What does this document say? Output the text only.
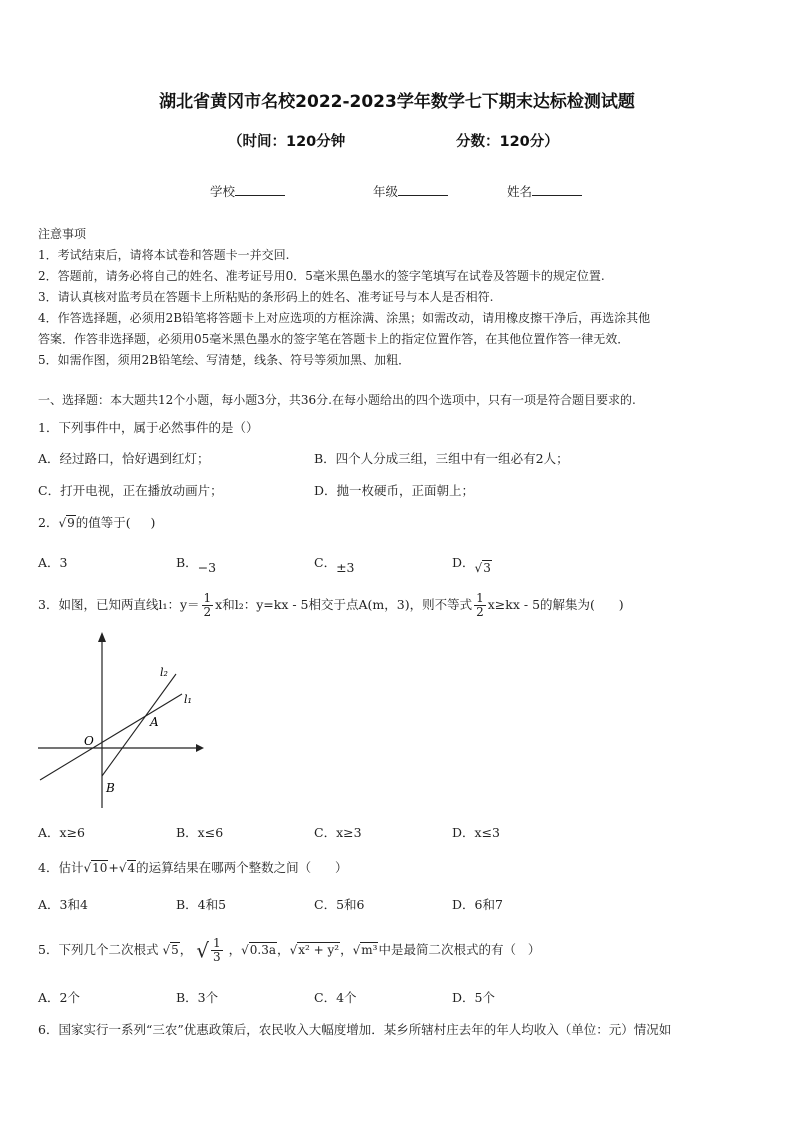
湖北省黄冈市名校2022-2023学年数学七下期末达标检测试题
（时间：120分钟	分数：120分）
学校	年级	姓名
注意事项
1．考试结束后，请将本试卷和答题卡一并交回.
2．答题前，请务必将自己的姓名、准考证号用0．5毫米黑色墨水的签字笔填写在试卷及答题卡的规定位置.
3．请认真核对监考员在答题卡上所粘贴的条形码上的姓名、准考证号与本人是否相符.
4．作答选择题，必须用2B铅笔将答题卡上对应选项的方框涂满、涂黑；如需改动，请用橡皮擦干净后，再选涂其他
答案．作答非选择题，必须用05毫米黑色墨水的签字笔在答题卡上的指定位置作答，在其他位置作答一律无效．
5．如需作图，须用2B铅笔绘、写清楚，线条、符号等须加黑、加粗．
一、选择题：本大题共12个小题，每小题3分，共36分.在每小题给出的四个选项中，只有一项是符合题目要求的.
1．下列事件中，属于必然事件的是（）
A．经过路口，恰好遇到红灯；	B．四个人分成三组，三组中有一组必有2人；
C．打开电视，正在播放动画片；	D．抛一枚硬币，正面朝上；
2．√9的值等于( )
A．3	B．−3	C．±3	D．√3
3．如图，已知两直线l₁：$y= \frac{1}{2}$ x和l₂：y=kx - 5相交于点A(m，3)，则不等式 $\frac{1}{2} x\ge kx - 5$的解集为( )
l₂
l₁
A
O
B
A．x≥6	B．x≤6	C．x≥3	D．x≤3
4．估计√10+√4的运算结果在哪两个整数之间（ ）
A．3和4	B．4和5	C．5和6	D．6和7
5．下列几个二次根式 √5， √ $\frac{1}{3}$ ，√0.3a，√x² + y²，√m³中是最简二次根式的有（ ）
A．2个	B．3个	C．4个	D．5个
6．国家实行一系列“三农”优惠政策后，农民收入大幅度增加．某乡所辖村庄去年的年人均收入（单位：元）情况如
